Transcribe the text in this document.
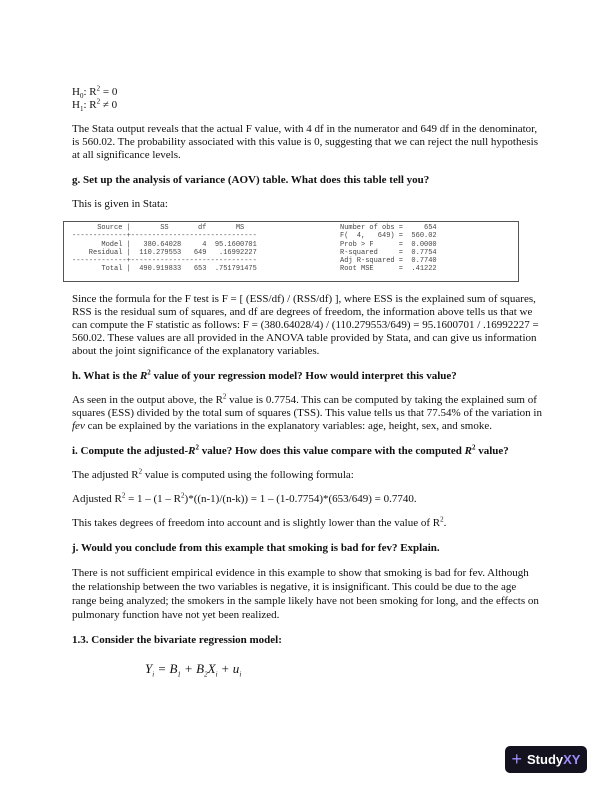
$H_0$: $R^2 = 0$
$H_1$: $R^2 \ne 0$
The Stata output reveals that the actual F value, with 4 df in the numerator and 649 df in the denominator, is 560.02. The probability associated with this value is 0, suggesting that we can reject the null hypothesis at all significance levels.
g. Set up the analysis of variance (AOV) table. What does this table tell you?
This is given in Stata:
Source |       SS       df       MS
-------------+------------------------------
Model |   380.64028     4  95.1600701
Residual |  110.279553   649   .16992227
-------------+------------------------------
Total |  490.919833   653  .751791475
Number of obs =     654
F(  4,   649) =  560.02
Prob > F      =  0.0000
R-squared     =  0.7754
Adj R-squared =  0.7740
Root MSE      =  .41222
Since the formula for the F test is F = [ (ESS/df) / (RSS/df) ], where ESS is the explained sum of squares, RSS is the residual sum of squares, and df are degrees of freedom, the information above tells us that we can compute the F statistic as follows: F = (380.64028/4) / (110.279553/649) = 95.1600701 / .16992227 = 560.02. These values are all provided in the ANOVA table provided by Stata, and can give us information about the joint significance of the explanatory variables.
h. What is the $R^2$ value of your regression model? How would interpret this value?
As seen in the output above, the $R^2$ value is 0.7754. This can be computed by taking the explained sum of squares (ESS) divided by the total sum of squares (TSS). This value tells us that 77.54% of the variation in fev can be explained by the variations in the explanatory variables: age, height, sex, and smoke.
i. Compute the adjusted-$R^2$ value? How does this value compare with the computed $R^2$ value?
The adjusted $R^2$ value is computed using the following formula:
Adjusted $R^2 = 1 - (1 - R^2)*((n-1)/(n-k)) = 1 - (1-0.7754)*(653/649) = 0.7740$.
This takes degrees of freedom into account and is slightly lower than the value of $R^2$.
j. Would you conclude from this example that smoking is bad for fev? Explain.
There is not sufficient empirical evidence in this example to show that smoking is bad for fev. Although the relationship between the two variables is negative, it is insignificant. This could be due to the age range being analyzed; the smokers in the sample likely have not been smoking for long, and the effects on pulmonary function have not yet been realized.
1.3. Consider the bivariate regression model:
$Y_i = B_1 + B_2X_i + u_i$
+ StudyXY
